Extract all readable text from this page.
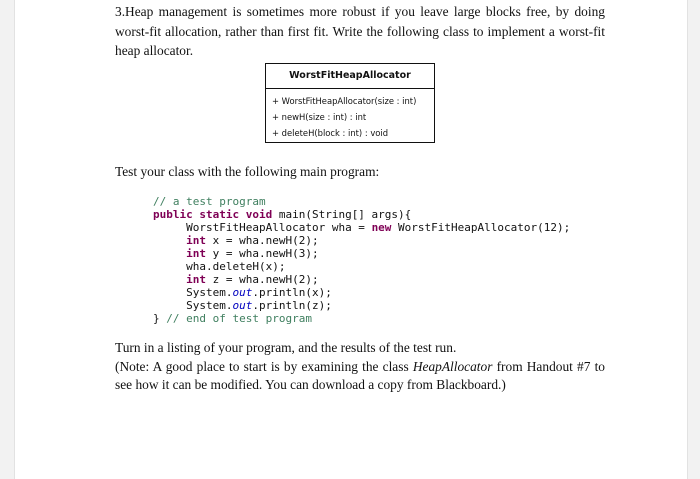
3.Heap management is sometimes more robust if you leave large blocks free, by doing worst-fit allocation, rather than first fit. Write the following class to implement a worst-fit heap allocator.
WorstFitHeapAllocator
+ WorstFitHeapAllocator(size : int)
+ newH(size : int) : int
+ deleteH(block : int) : void
Test your class with the following main program:
// a test program
public static void main(String[] args){
WorstFitHeapAllocator wha = new WorstFitHeapAllocator(12);
int x = wha.newH(2);
int y = wha.newH(3);
wha.deleteH(x);
int z = wha.newH(2);
System.out.println(x);
System.out.println(z);
} // end of test program
Turn in a listing of your program, and the results of the test run.
(Note: A good place to start is by examining the class HeapAllocator from Handout #7 to see how it can be modified. You can download a copy from Blackboard.)
